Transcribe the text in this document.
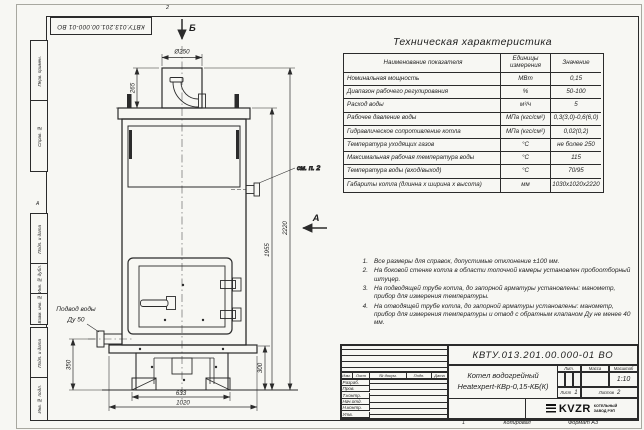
2
КВТУ.013.201.00.000-01 ВО
Перв. примен.
Справ. №
А
Подп. и дата
Инв. № дубл.
Взам. инв. №
Подп. и дата
Инв. № подл.
Б
см. п. 2
Подвод воды
Ду 50
Ø250
265
1955
2220
350	300
633
1020
А
Техническая характеристика
Наименование показателя	Единицы измерения	Значение
Номинальная мощность	МВт	0,15
Диапазон рабочего регулирования	%	50-100
Расход воды	м³/ч	5
Рабочее давление воды	МПа (кгс/см²)	0,3(3,0)-0,6(6,0)
Гидравлическое сопротивление котла	МПа (кгс/см²)	0,02(0,2)
Температура уходящих газов	°С	не более 250
Максимальная рабочая температура воды	°С	115
Температура воды (вход/выход)	°С	70/95
Габариты котла (длинна х ширина х высота)	мм	1030х1020х2220
1. Все размеры для справок, допустимые отклонение ±100 мм.
2. На боковой стенке котла в области топочной камеры установлен пробоотборный штуцер.
3. На подводящей трубе котла, до запорной арматуры установлены: манометр, прибор для измерения температуры.
4. На отводящей трубе котла, до запорной арматуры установлены: манометр, прибор для измерения температуры и отвод с обратным клапаном Ду не менее 40 мм.
КВТУ.013.201.00.000-01 ВО
Котел водогрейный
Heatexpert-КВр-0,15-КБ(К)
Лит.	Масса	Масштаб
1:10
Лист 1	Листов 2
KVZR КОТЕЛЬНЫЙ
ЗАВОД РЭП
Изм.	Лист	№ докум.	Подп.	Дата
Разраб.
Пров.
Т.контр.
Нач.отд.
Н.контр.
Утв.
1	Копировал	Формат А3
